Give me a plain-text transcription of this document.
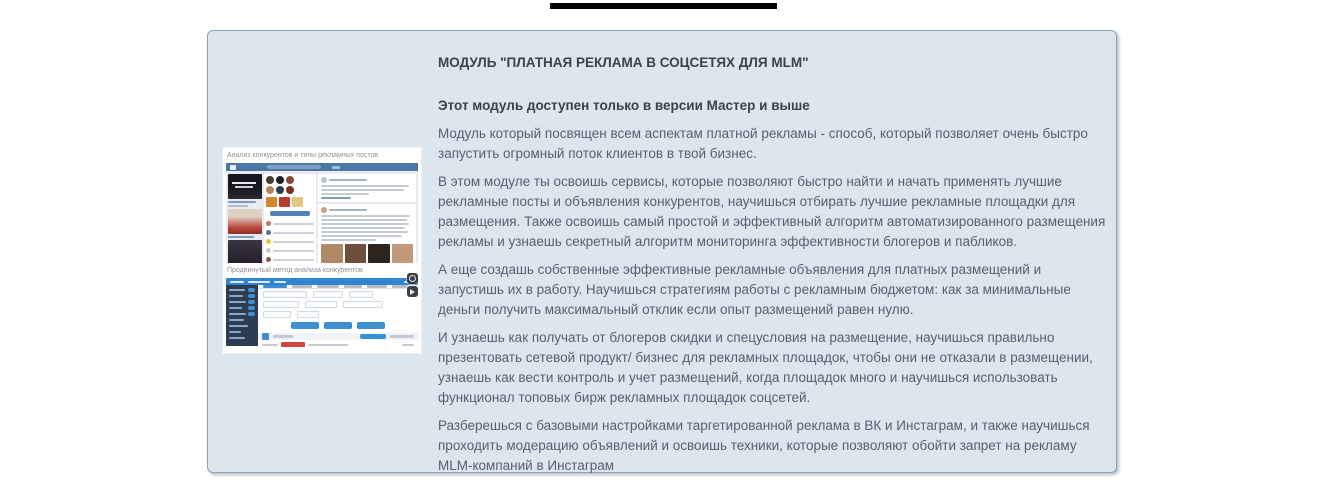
Анализ конкурентов и типы рекламных постов
Продвинутый метод анализа конкурентов
МОДУЛЬ "ПЛАТНАЯ РЕКЛАМА В СОЦСЕТЯХ ДЛЯ MLM"
Этот модуль доступен только в версии Мастер и выше

Модуль который посвящен всем аспектам платной рекламы - способ, который позволяет очень быстро запустить огромный поток клиентов в твой бизнес.

В этом модуле ты освоишь сервисы, которые позволяют быстро найти и начать применять лучшие рекламные посты и объявления конкурентов, научишься отбирать лучшие рекламные площадки для размещения. Также освоишь самый простой и эффективный алгоритм автоматизированного размещения рекламы и узнаешь секретный алгоритм мониторинга эффективности блогеров и пабликов.

А еще создашь собственные эффективные рекламные объявления для платных размещений и запустишь их в работу. Научишься стратегиям работы с рекламным бюджетом: как за минимальные деньги получить максимальный отклик если опыт размещений равен нулю.

И узнаешь как получать от блогеров скидки и спецусловия на размещение, научишься правильно презентовать сетевой продукт/ бизнес для рекламных площадок, чтобы они не отказали в размещении, узнаешь как вести контроль и учет размещений, когда площадок много и научишься использовать функционал топовых бирж рекламных площадок соцсетей.

Разберешься с базовыми настройками таргетированной реклама в ВК и Инстаграм, и также научишься проходить модерацию объявлений и освоишь техники, которые позволяют обойти запрет на рекламу MLM-компаний в Инстаграм
